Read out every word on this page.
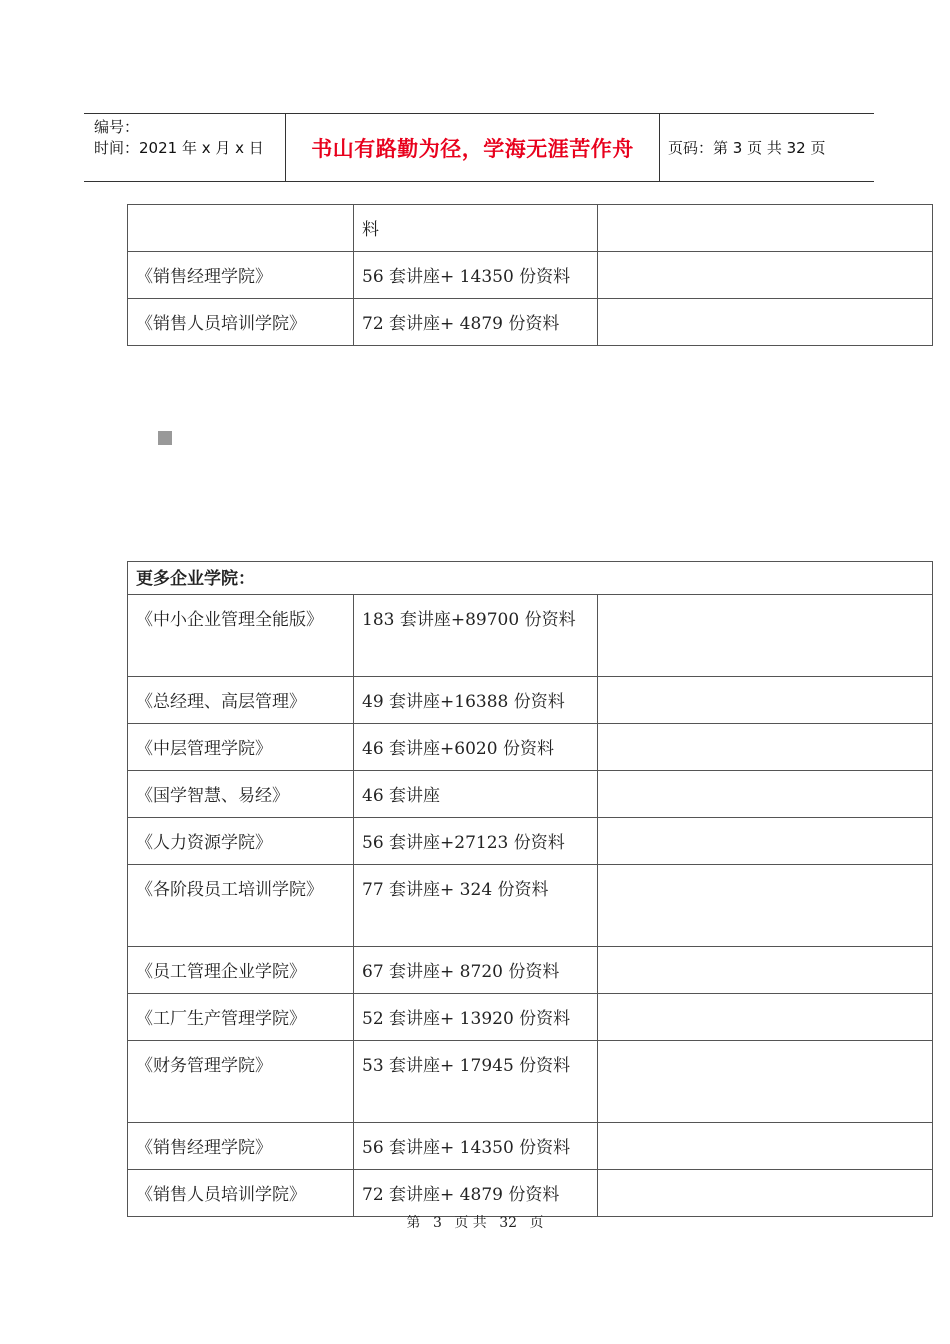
编号：
时间：2021 年 x 月 x 日	书山有路勤为径，学海无涯苦作舟	页码：第 3 页 共 32 页
	料	
《销售经理学院》	56 套讲座+ 14350 份资料	
《销售人员培训学院》	72 套讲座+ 4879 份资料	
更多企业学院：		
《中小企业管理全能版》	183 套讲座+89700 份资料	
《总经理、高层管理》	49 套讲座+16388 份资料	
《中层管理学院》	46 套讲座+6020 份资料	
《国学智慧、易经》	46 套讲座	
《人力资源学院》	56 套讲座+27123 份资料	
《各阶段员工培训学院》	77 套讲座+ 324 份资料	
《员工管理企业学院》	67 套讲座+ 8720 份资料	
《工厂生产管理学院》	52 套讲座+ 13920 份资料	
《财务管理学院》	53 套讲座+ 17945 份资料	
《销售经理学院》	56 套讲座+ 14350 份资料	
《销售人员培训学院》	72 套讲座+ 4879 份资料	
第 3 页 共 32 页
